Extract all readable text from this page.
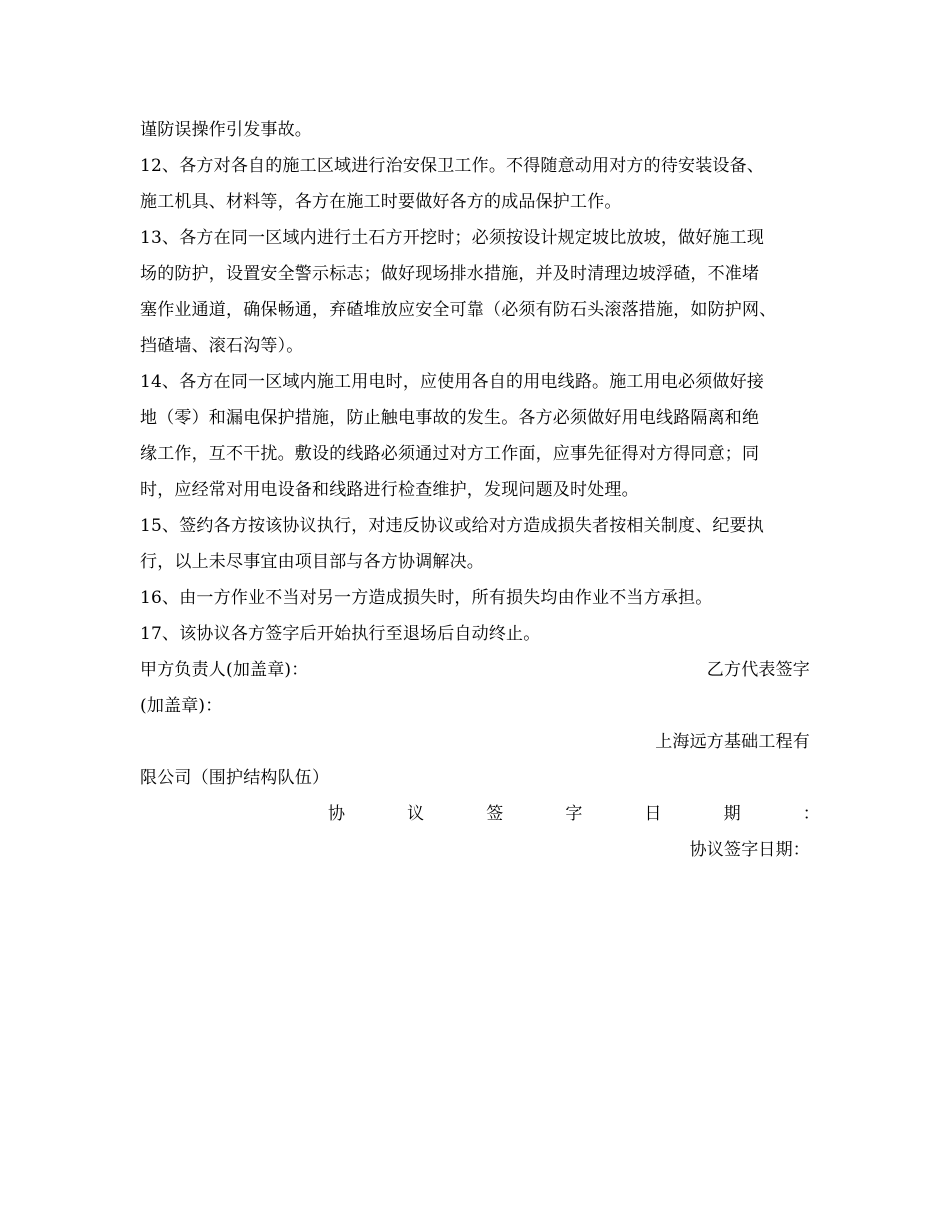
谨防误操作引发事故。
12、各方对各自的施工区域进行治安保卫工作。不得随意动用对方的待安装设备、
施工机具、材料等，各方在施工时要做好各方的成品保护工作。
13、各方在同一区域内进行土石方开挖时；必须按设计规定坡比放坡，做好施工现
场的防护，设置安全警示标志；做好现场排水措施，并及时清理边坡浮碴，不准堵
塞作业通道，确保畅通，弃碴堆放应安全可靠（必须有防石头滚落措施，如防护网、
挡碴墙、滚石沟等）。
14、各方在同一区域内施工用电时，应使用各自的用电线路。施工用电必须做好接
地（零）和漏电保护措施，防止触电事故的发生。各方必须做好用电线路隔离和绝
缘工作，互不干扰。敷设的线路必须通过对方工作面，应事先征得对方得同意；同
时，应经常对用电设备和线路进行检查维护，发现问题及时处理。
15、签约各方按该协议执行，对违反协议或给对方造成损失者按相关制度、纪要执
行，以上未尽事宜由项目部与各方协调解决。
16、由一方作业不当对另一方造成损失时，所有损失均由作业不当方承担。
17、该协议各方签字后开始执行至退场后自动终止。
甲方负责人(加盖章)：	乙方代表签字
(加盖章)：
上海远方基础工程有
限公司（围护结构队伍）
协	议	签	字	日	期	：
协议签字日期：
